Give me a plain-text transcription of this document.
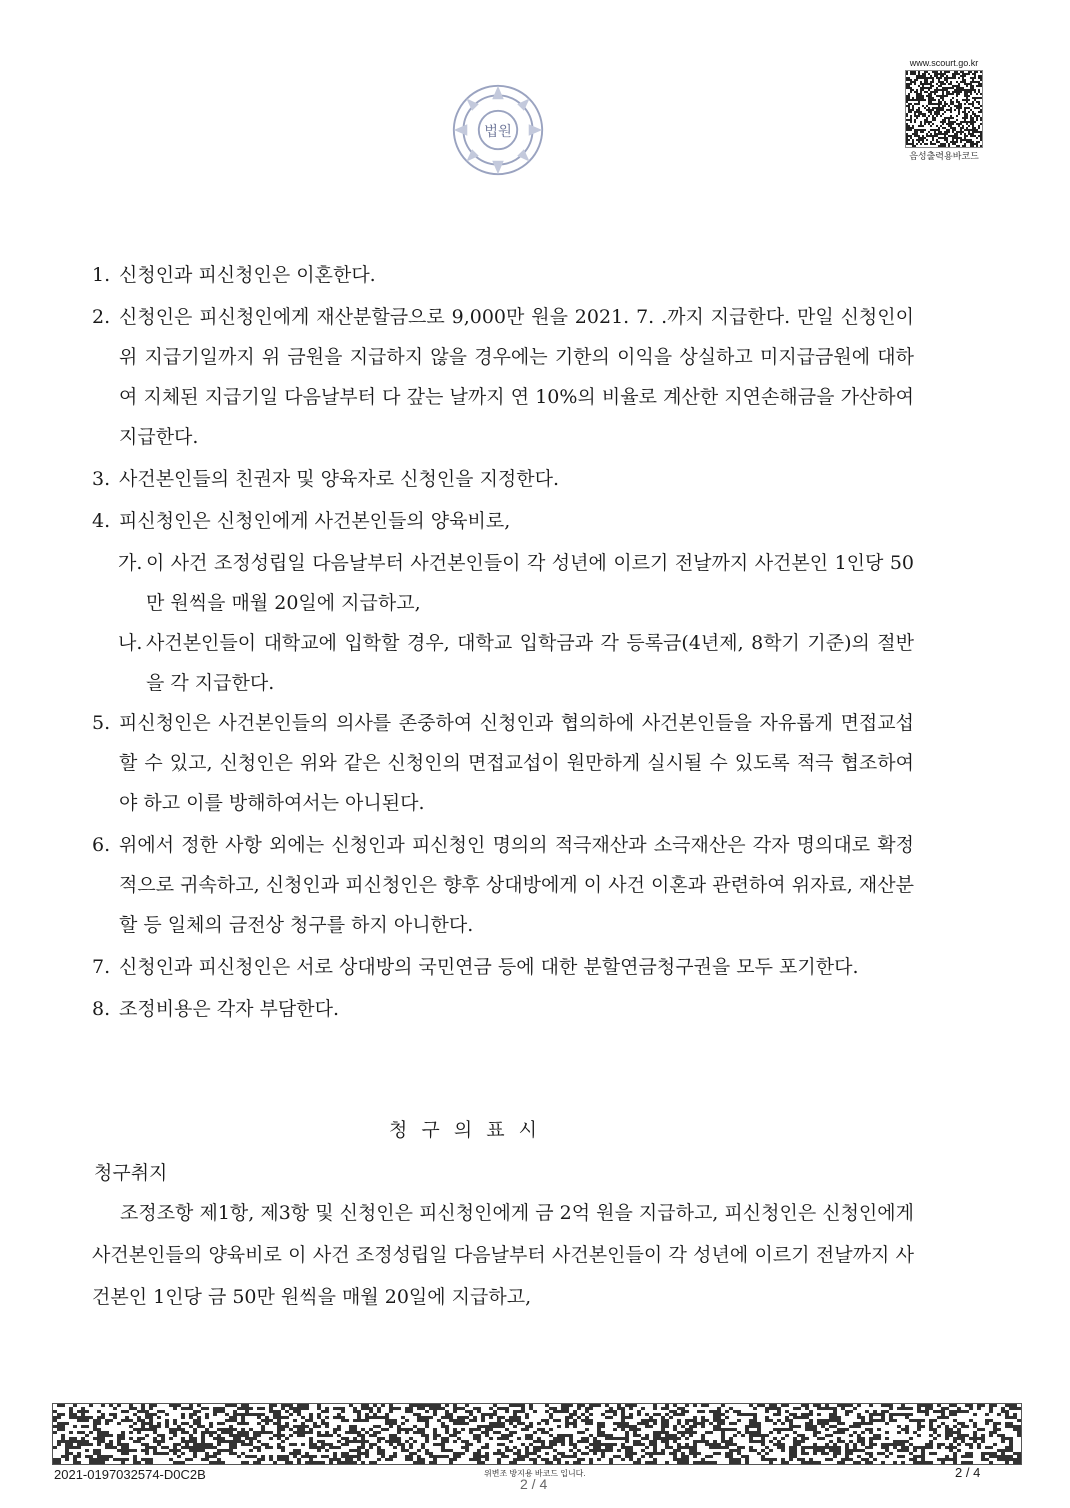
법원
www.scourt.go.kr
음성출력용바코드
1. 신청인과 피신청인은 이혼한다.
2. 신청인은 피신청인에게 재산분할금으로 9,000만 원을 2021. 7. .까지 지급한다. 만일 신청인이 위 지급기일까지 위 금원을 지급하지 않을 경우에는 기한의 이익을 상실하고 미지급금원에 대하여 지체된 지급기일 다음날부터 다 갚는 날까지 연 10%의 비율로 계산한 지연손해금을 가산하여 지급한다.
3. 사건본인들의 친권자 및 양육자로 신청인을 지정한다.
4. 피신청인은 신청인에게 사건본인들의 양육비로,
가. 이 사건 조정성립일 다음날부터 사건본인들이 각 성년에 이르기 전날까지 사건본인 1인당 50만 원씩을 매월 20일에 지급하고,
나. 사건본인들이 대학교에 입학할 경우, 대학교 입학금과 각 등록금(4년제, 8학기 기준)의 절반을 각 지급한다.
5. 피신청인은 사건본인들의 의사를 존중하여 신청인과 협의하에 사건본인들을 자유롭게 면접교섭 할 수 있고, 신청인은 위와 같은 신청인의 면접교섭이 원만하게 실시될 수 있도록 적극 협조하여야 하고 이를 방해하여서는 아니된다.
6. 위에서 정한 사항 외에는 신청인과 피신청인 명의의 적극재산과 소극재산은 각자 명의대로 확정적으로 귀속하고, 신청인과 피신청인은 향후 상대방에게 이 사건 이혼과 관련하여 위자료, 재산분할 등 일체의 금전상 청구를 하지 아니한다.
7. 신청인과 피신청인은 서로 상대방의 국민연금 등에 대한 분할연금청구권을 모두 포기한다.
8. 조정비용은 각자 부담한다.
청 구 의 표 시
청구취지
조정조항 제1항, 제3항 및 신청인은 피신청인에게 금 2억 원을 지급하고, 피신청인은 신청인에게 사건본인들의 양육비로 이 사건 조정성립일 다음날부터 사건본인들이 각 성년에 이르기 전날까지 사건본인 1인당 금 50만 원씩을 매월 20일에 지급하고,
2021-0197032574-D0C2B	위변조 방지용 바코드 입니다.	2 / 4
2 / 4
